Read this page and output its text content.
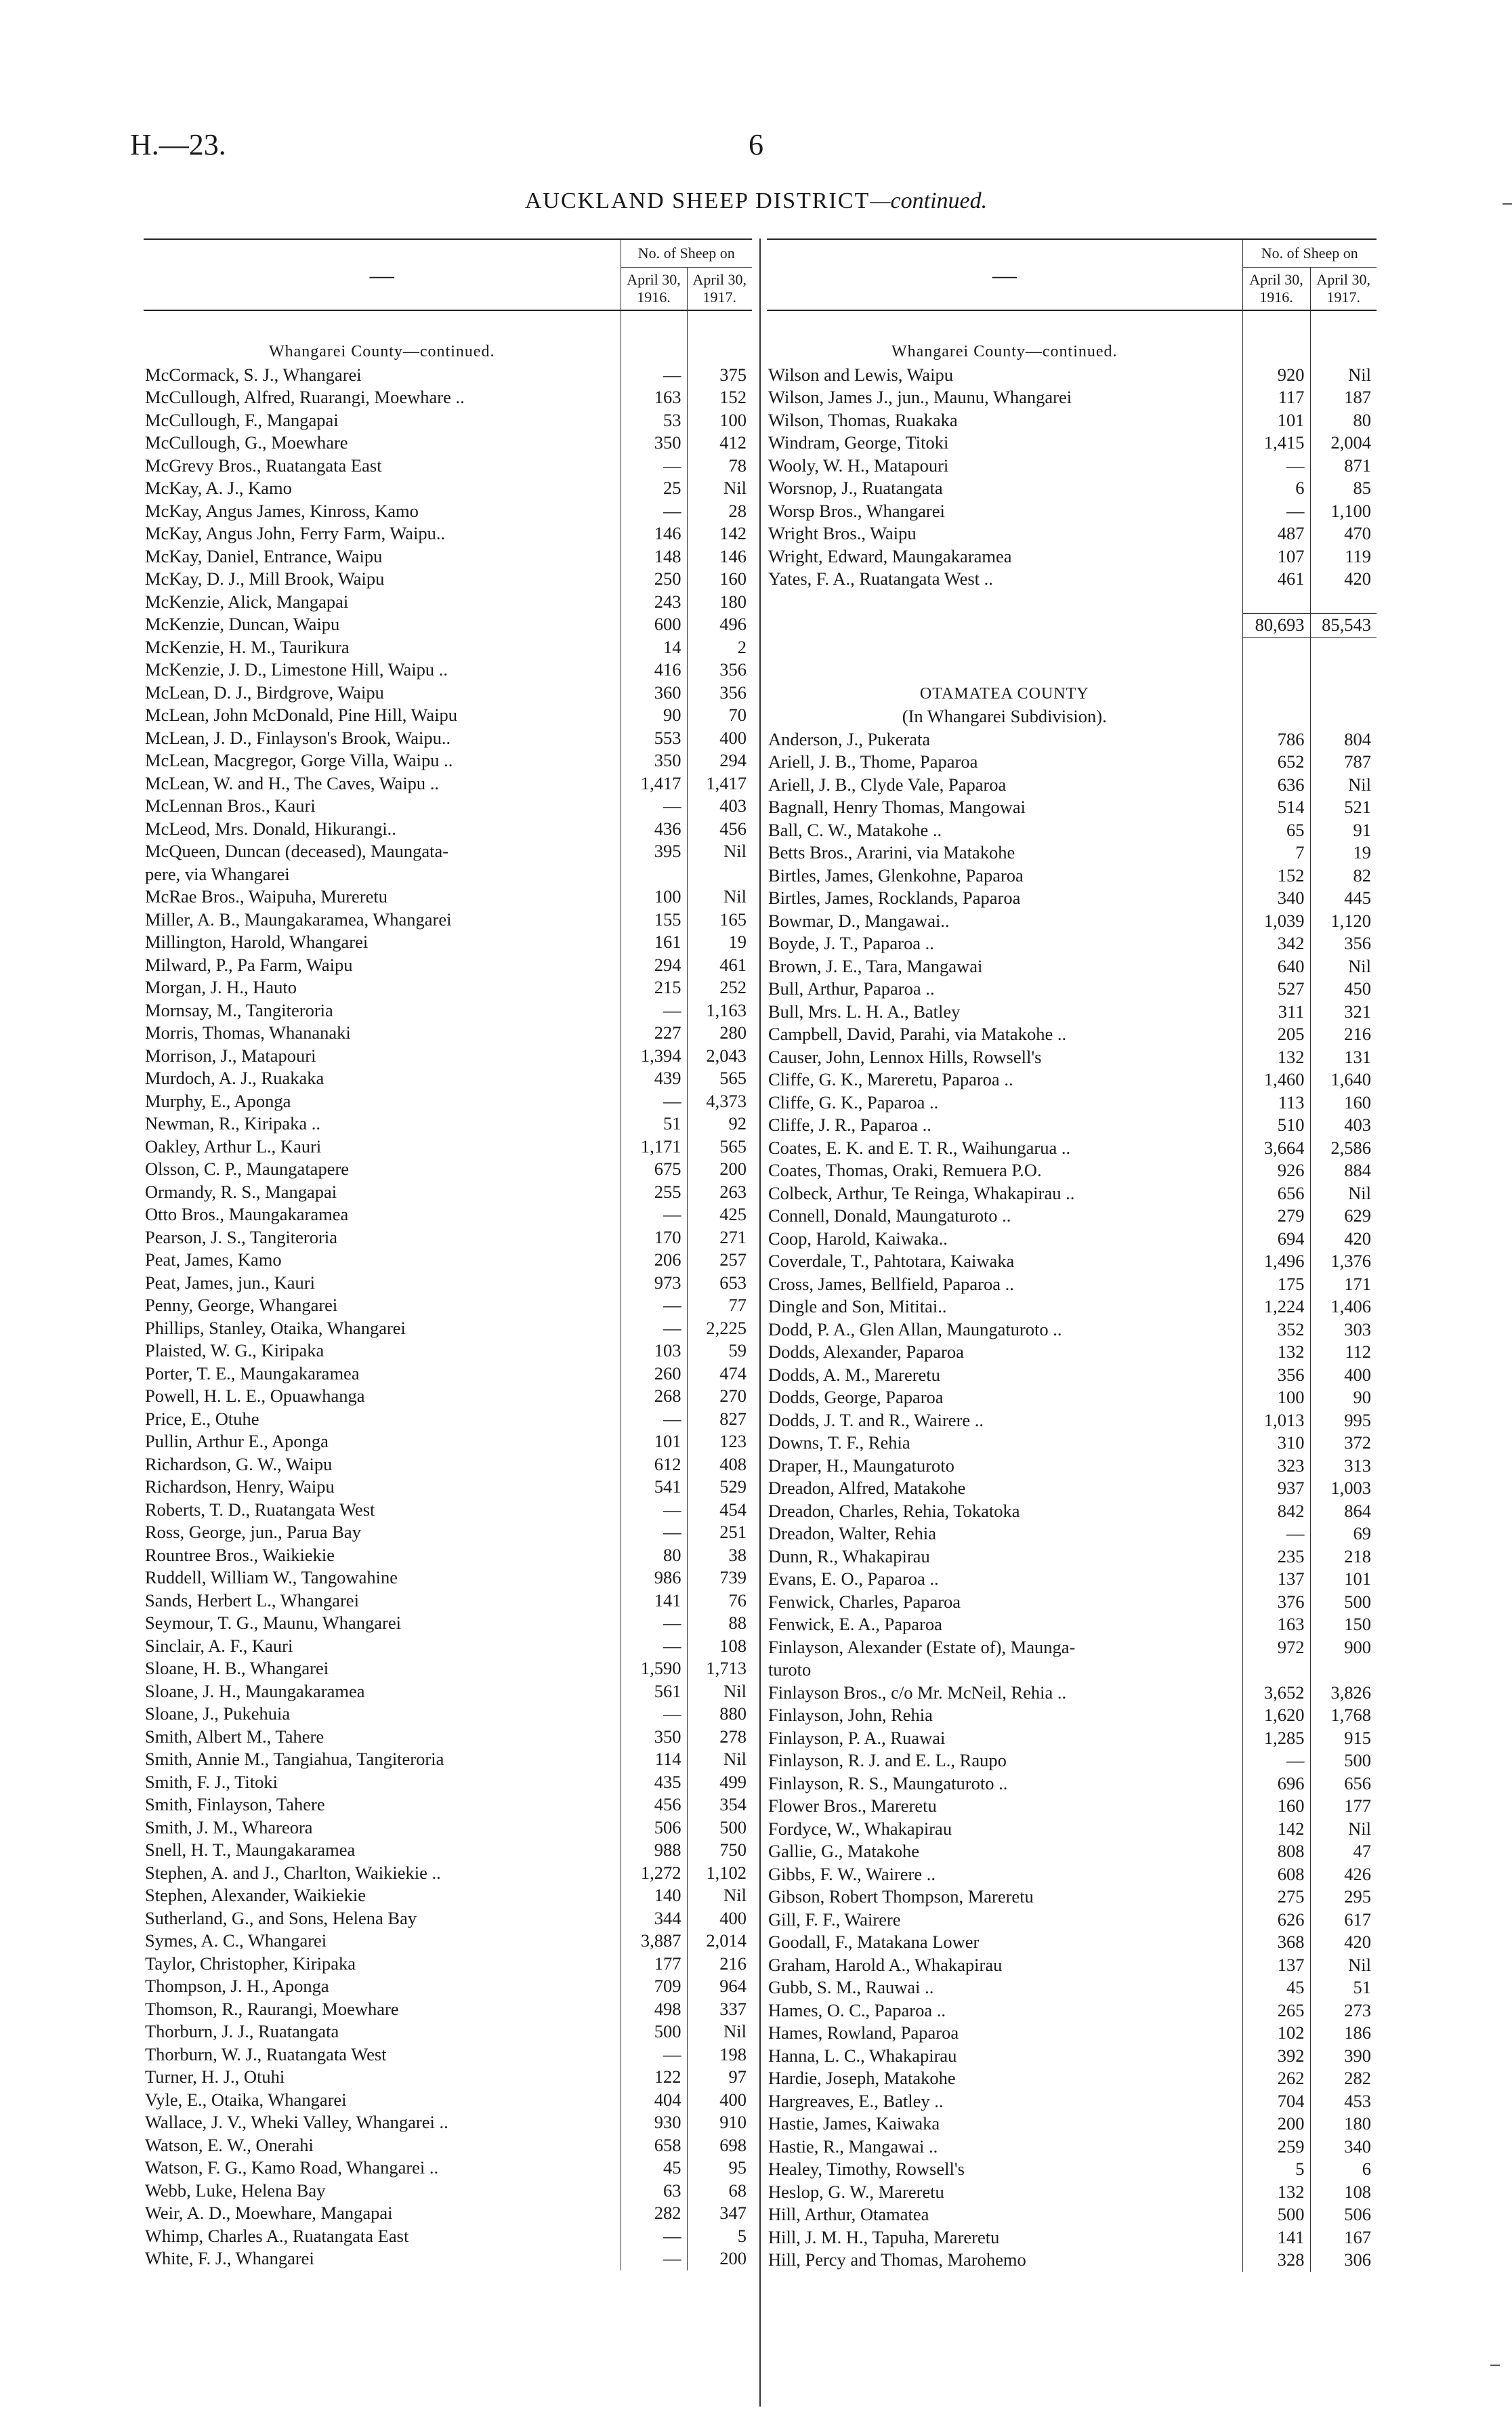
H.—23.	6
AUCKLAND SHEEP DISTRICT—continued.
—	No. of Sheep on	
	April 30, 1916.	April 30, 1917.

Whangarei County—continued.		
McCormack, S. J., Whangarei	—	375
McCullough, Alfred, Ruarangi, Moewhare ..	163	152
McCullough, F., Mangapai	53	100
McCullough, G., Moewhare	350	412
McGrevy Bros., Ruatangata East	—	78
McKay, A. J., Kamo	25	Nil
McKay, Angus James, Kinross, Kamo	—	28
McKay, Angus John, Ferry Farm, Waipu..	146	142
McKay, Daniel, Entrance, Waipu	148	146
McKay, D. J., Mill Brook, Waipu	250	160
McKenzie, Alick, Mangapai	243	180
McKenzie, Duncan, Waipu	600	496
McKenzie, H. M., Taurikura	14	2
McKenzie, J. D., Limestone Hill, Waipu ..	416	356
McLean, D. J., Birdgrove, Waipu	360	356
McLean, John McDonald, Pine Hill, Waipu	90	70
McLean, J. D., Finlayson's Brook, Waipu..	553	400
McLean, Macgregor, Gorge Villa, Waipu ..	350	294
McLean, W. and H., The Caves, Waipu ..	1,417	1,417
McLennan Bros., Kauri	—	403
McLeod, Mrs. Donald, Hikurangi..	436	456
McQueen, Duncan (deceased), Maungata-	395	Nil
pere, via Whangarei		
McRae Bros., Waipuha, Mureretu	100	Nil
Miller, A. B., Maungakaramea, Whangarei	155	165
Millington, Harold, Whangarei	161	19
Milward, P., Pa Farm, Waipu	294	461
Morgan, J. H., Hauto	215	252
Mornsay, M., Tangiteroria	—	1,163
Morris, Thomas, Whananaki	227	280
Morrison, J., Matapouri	1,394	2,043
Murdoch, A. J., Ruakaka	439	565
Murphy, E., Aponga	—	4,373
Newman, R., Kiripaka ..	51	92
Oakley, Arthur L., Kauri	1,171	565
Olsson, C. P., Maungatapere	675	200
Ormandy, R. S., Mangapai	255	263
Otto Bros., Maungakaramea	—	425
Pearson, J. S., Tangiteroria	170	271
Peat, James, Kamo	206	257
Peat, James, jun., Kauri	973	653
Penny, George, Whangarei	—	77
Phillips, Stanley, Otaika, Whangarei	—	2,225
Plaisted, W. G., Kiripaka	103	59
Porter, T. E., Maungakaramea	260	474
Powell, H. L. E., Opuawhanga	268	270
Price, E., Otuhe	—	827
Pullin, Arthur E., Aponga	101	123
Richardson, G. W., Waipu	612	408
Richardson, Henry, Waipu	541	529
Roberts, T. D., Ruatangata West	—	454
Ross, George, jun., Parua Bay	—	251
Rountree Bros., Waikiekie	80	38
Ruddell, William W., Tangowahine	986	739
Sands, Herbert L., Whangarei	141	76
Seymour, T. G., Maunu, Whangarei	—	88
Sinclair, A. F., Kauri	—	108
Sloane, H. B., Whangarei	1,590	1,713
Sloane, J. H., Maungakaramea	561	Nil
Sloane, J., Pukehuia	—	880
Smith, Albert M., Tahere	350	278
Smith, Annie M., Tangiahua, Tangiteroria	114	Nil
Smith, F. J., Titoki	435	499
Smith, Finlayson, Tahere	456	354
Smith, J. M., Whareora	506	500
Snell, H. T., Maungakaramea	988	750
Stephen, A. and J., Charlton, Waikiekie ..	1,272	1,102
Stephen, Alexander, Waikiekie	140	Nil
Sutherland, G., and Sons, Helena Bay	344	400
Symes, A. C., Whangarei	3,887	2,014
Taylor, Christopher, Kiripaka	177	216
Thompson, J. H., Aponga	709	964
Thomson, R., Raurangi, Moewhare	498	337
Thorburn, J. J., Ruatangata	500	Nil
Thorburn, W. J., Ruatangata West	—	198
Turner, H. J., Otuhi	122	97
Vyle, E., Otaika, Whangarei	404	400
Wallace, J. V., Wheki Valley, Whangarei ..	930	910
Watson, E. W., Onerahi	658	698
Watson, F. G., Kamo Road, Whangarei ..	45	95
Webb, Luke, Helena Bay	63	68
Weir, A. D., Moewhare, Mangapai	282	347
Whimp, Charles A., Ruatangata East	—	5
White, F. J., Whangarei	—	200
—	No. of Sheep on	
	April 30, 1916.	April 30, 1917.

Whangarei County—continued.		
Wilson and Lewis, Waipu	920	Nil
Wilson, James J., jun., Maunu, Whangarei	117	187
Wilson, Thomas, Ruakaka	101	80
Windram, George, Titoki	1,415	2,004
Wooly, W. H., Matapouri	—	871
Worsnop, J., Ruatangata	6	85
Worsp Bros., Whangarei	—	1,100
Wright Bros., Waipu	487	470
Wright, Edward, Maungakaramea	107	119
Yates, F. A., Ruatangata West ..	461	420

	80,693	85,543

OTAMATEA COUNTY		
(In Whangarei Subdivision).		
Anderson, J., Pukerata	786	804
Ariell, J. B., Thome, Paparoa	652	787
Ariell, J. B., Clyde Vale, Paparoa	636	Nil
Bagnall, Henry Thomas, Mangowai	514	521
Ball, C. W., Matakohe ..	65	91
Betts Bros., Ararini, via Matakohe	7	19
Birtles, James, Glenkohne, Paparoa	152	82
Birtles, James, Rocklands, Paparoa	340	445
Bowmar, D., Mangawai..	1,039	1,120
Boyde, J. T., Paparoa ..	342	356
Brown, J. E., Tara, Mangawai	640	Nil
Bull, Arthur, Paparoa ..	527	450
Bull, Mrs. L. H. A., Batley	311	321
Campbell, David, Parahi, via Matakohe ..	205	216
Causer, John, Lennox Hills, Rowsell's	132	131
Cliffe, G. K., Mareretu, Paparoa ..	1,460	1,640
Cliffe, G. K., Paparoa ..	113	160
Cliffe, J. R., Paparoa ..	510	403
Coates, E. K. and E. T. R., Waihungarua ..	3,664	2,586
Coates, Thomas, Oraki, Remuera P.O.	926	884
Colbeck, Arthur, Te Reinga, Whakapirau ..	656	Nil
Connell, Donald, Maungaturoto ..	279	629
Coop, Harold, Kaiwaka..	694	420
Coverdale, T., Pahtotara, Kaiwaka	1,496	1,376
Cross, James, Bellfield, Paparoa ..	175	171
Dingle and Son, Mititai..	1,224	1,406
Dodd, P. A., Glen Allan, Maungaturoto ..	352	303
Dodds, Alexander, Paparoa	132	112
Dodds, A. M., Mareretu	356	400
Dodds, George, Paparoa	100	90
Dodds, J. T. and R., Wairere ..	1,013	995
Downs, T. F., Rehia	310	372
Draper, H., Maungaturoto	323	313
Dreadon, Alfred, Matakohe	937	1,003
Dreadon, Charles, Rehia, Tokatoka	842	864
Dreadon, Walter, Rehia	—	69
Dunn, R., Whakapirau	235	218
Evans, E. O., Paparoa ..	137	101
Fenwick, Charles, Paparoa	376	500
Fenwick, E. A., Paparoa	163	150
Finlayson, Alexander (Estate of), Maunga-	972	900
turoto		
Finlayson Bros., c/o Mr. McNeil, Rehia ..	3,652	3,826
Finlayson, John, Rehia	1,620	1,768
Finlayson, P. A., Ruawai	1,285	915
Finlayson, R. J. and E. L., Raupo	—	500
Finlayson, R. S., Maungaturoto ..	696	656
Flower Bros., Mareretu	160	177
Fordyce, W., Whakapirau	142	Nil
Gallie, G., Matakohe	808	47
Gibbs, F. W., Wairere ..	608	426
Gibson, Robert Thompson, Mareretu	275	295
Gill, F. F., Wairere	626	617
Goodall, F., Matakana Lower	368	420
Graham, Harold A., Whakapirau	137	Nil
Gubb, S. M., Rauwai ..	45	51
Hames, O. C., Paparoa ..	265	273
Hames, Rowland, Paparoa	102	186
Hanna, L. C., Whakapirau	392	390
Hardie, Joseph, Matakohe	262	282
Hargreaves, E., Batley ..	704	453
Hastie, James, Kaiwaka	200	180
Hastie, R., Mangawai ..	259	340
Healey, Timothy, Rowsell's	5	6
Heslop, G. W., Mareretu	132	108
Hill, Arthur, Otamatea	500	506
Hill, J. M. H., Tapuha, Mareretu	141	167
Hill, Percy and Thomas, Marohemo	328	306
